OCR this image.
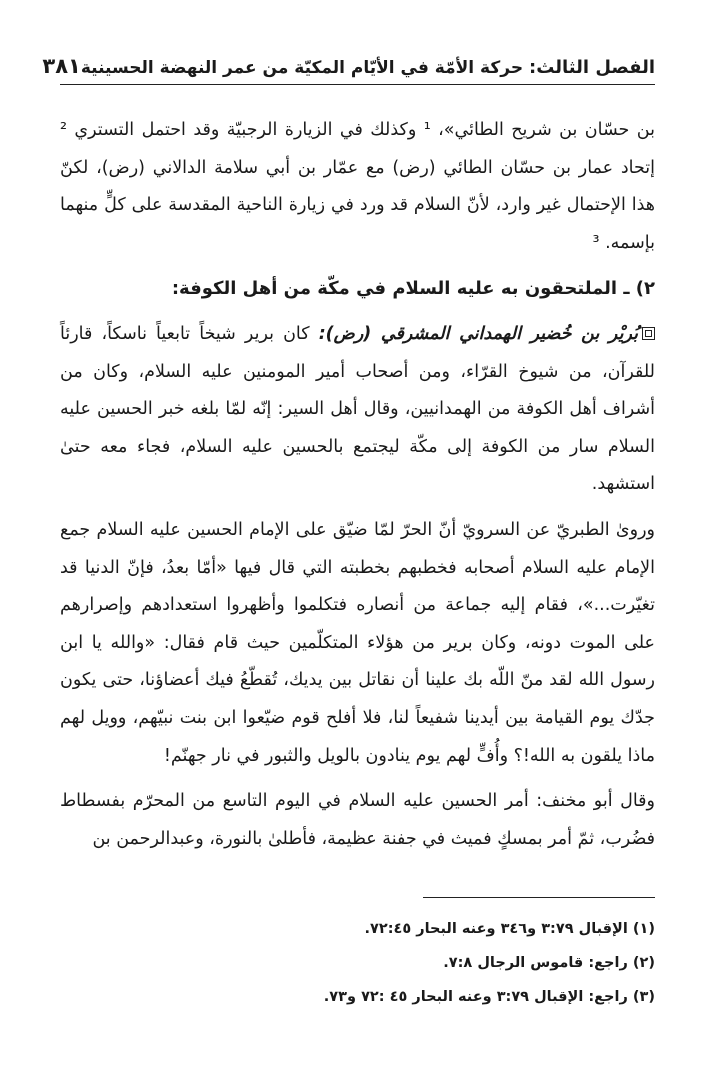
الفصل الثالث: حركة الأمّة في الأيّام المكيّة من عمر النهضة الحسينية
٣٨١

بن حسّان بن شريح الطائي»، ¹ وكذلك في الزيارة الرجبيّة وقد احتمل التستري ² إتحاد عمار بن حسّان الطائي (رض) مع عمّار بن أبي سلامة الدالاني (رض)، لكنّ هذا الإحتمال غير وارد، لأنّ السلام قد ورد في زيارة الناحية المقدسة على كلٍّ منهما بإسمه. ³

٢) ـ الملتحقون به عليه السلام في مكّة من أهل الكوفة:

بُريْر بن خُضير الهمداني المشرقي (رض): كان برير شيخاً تابعياً ناسكاً، قارئاً للقرآن، من شيوخ القرّاء، ومن أصحاب أمير المومنين عليه السلام، وكان من أشراف أهل الكوفة من الهمدانيين، وقال أهل السير: إنّه لمّا بلغه خبر الحسين عليه السلام سار من الكوفة إلى مكّة ليجتمع بالحسين عليه السلام، فجاء معه حتىٰ استشهد.

وروىٰ الطبريّ عن السرويّ أنّ الحرّ لمّا ضيّق على الإمام الحسين عليه السلام جمع الإمام عليه السلام أصحابه فخطبهم بخطبته التي قال فيها «أمّا بعدُ، فإنّ الدنيا قد تغيّرت...»، فقام إليه جماعة من أنصاره فتكلموا وأظهروا استعدادهم وإصرارهم على الموت دونه، وكان برير من هؤلاء المتكلّمين حيث قام فقال: «والله يا ابن رسول الله لقد منّ اللّه بك علينا أن نقاتل بين يديك، تُقطّعُ فيك أعضاؤنا، حتى يكون جدّك يوم القيامة بين أيدينا شفيعاً لنا، فلا أفلح قوم ضيّعوا ابن بنت نبيّهم، وويل لهم ماذا يلقون به الله!؟ وأُفٍّ لهم يوم ينادون بالويل والثبور في نار جهنّم!

وقال أبو مخنف: أمر الحسين عليه السلام في اليوم التاسع من المحرّم بفسطاط فضُرب، ثمّ أمر بمسكٍ فميث في جفنة عظيمة، فأطلىٰ بالنورة، وعبدالرحمن بن

(١) الإقبال ٣:٧٩ و٣٤٦ وعنه البحار ٧٢:٤٥.
(٢) راجع: قاموس الرجال ٧:٨.
(٣) راجع: الإقبال ٣:٧٩ وعنه البحار ٤٥ :٧٢ و٧٣.
